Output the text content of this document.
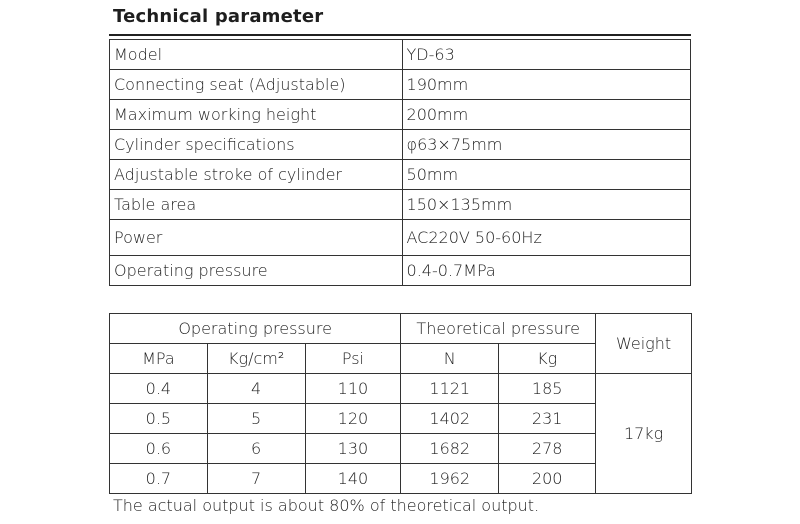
Technical parameter
Model	YD-63
Connecting seat (Adjustable)	190mm
Maximum working height	200mm
Cylinder specifications	φ63×75mm
Adjustable stroke of cylinder	50mm
Table area	150×135mm
Power	AC220V 50-60Hz
Operating pressure	0.4-0.7MPa
Operating pressure			Theoretical pressure		Weight
MPa	Kg/cm²	Psi	N	Kg	
0.4	4	110	1121	185	17kg
0.5	5	120	1402	231	
0.6	6	130	1682	278	
0.7	7	140	1962	200	
The actual output is about 80% of theoretical output.
